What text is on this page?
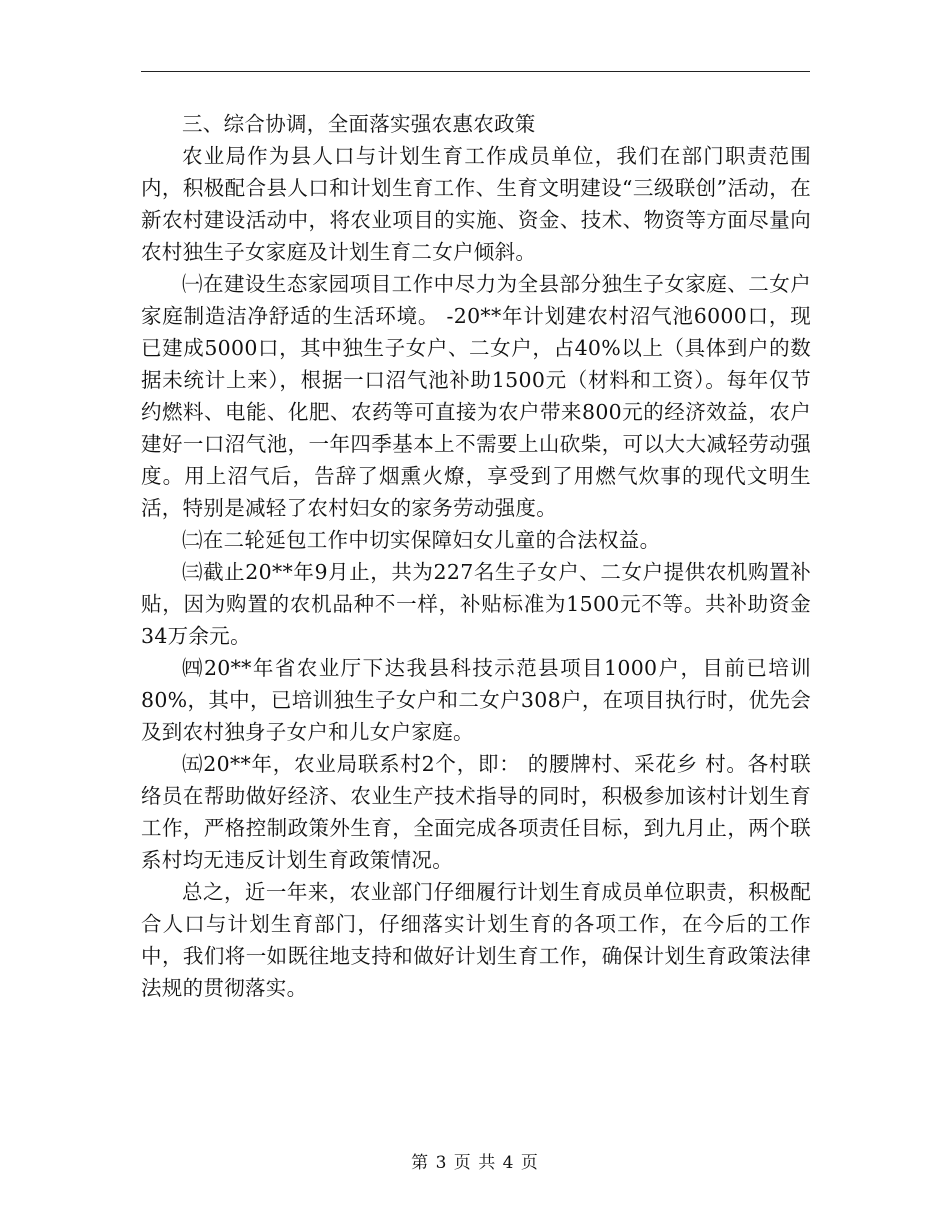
三、综合协调，全面落实强农惠农政策

农业局作为县人口与计划生育工作成员单位，我们在部门职责范围内，积极配合县人口和计划生育工作、生育文明建设“三级联创”活动，在新农村建设活动中，将农业项目的实施、资金、技术、物资等方面尽量向农村独生子女家庭及计划生育二女户倾斜。

㈠在建设生态家园项目工作中尽力为全县部分独生子女家庭、二女户家庭制造洁净舒适的生活环境。 -20**年计划建农村沼气池6000口，现已建成5000口，其中独生子女户、二女户，占40%以上（具体到户的数据未统计上来），根据一口沼气池补助1500元（材料和工资）。每年仅节约燃料、电能、化肥、农药等可直接为农户带来800元的经济效益，农户建好一口沼气池，一年四季基本上不需要上山砍柴，可以大大减轻劳动强度。用上沼气后，告辞了烟熏火燎，享受到了用燃气炊事的现代文明生活，特别是减轻了农村妇女的家务劳动强度。

㈡在二轮延包工作中切实保障妇女儿童的合法权益。

㈢截止20**年9月止，共为227名生子女户、二女户提供农机购置补贴，因为购置的农机品种不一样，补贴标准为1500元不等。共补助资金34万余元。

㈣20**年省农业厅下达我县科技示范县项目1000户，目前已培训80%，其中，已培训独生子女户和二女户308户，在项目执行时，优先会及到农村独身子女户和儿女户家庭。

㈤20**年，农业局联系村2个，即： 的腰牌村、采花乡 村。各村联络员在帮助做好经济、农业生产技术指导的同时，积极参加该村计划生育工作，严格控制政策外生育，全面完成各项责任目标，到九月止，两个联系村均无违反计划生育政策情况。

总之，近一年来，农业部门仔细履行计划生育成员单位职责，积极配合人口与计划生育部门，仔细落实计划生育的各项工作，在今后的工作中，我们将一如既往地支持和做好计划生育工作，确保计划生育政策法律法规的贯彻落实。

第 3 页 共 4 页
